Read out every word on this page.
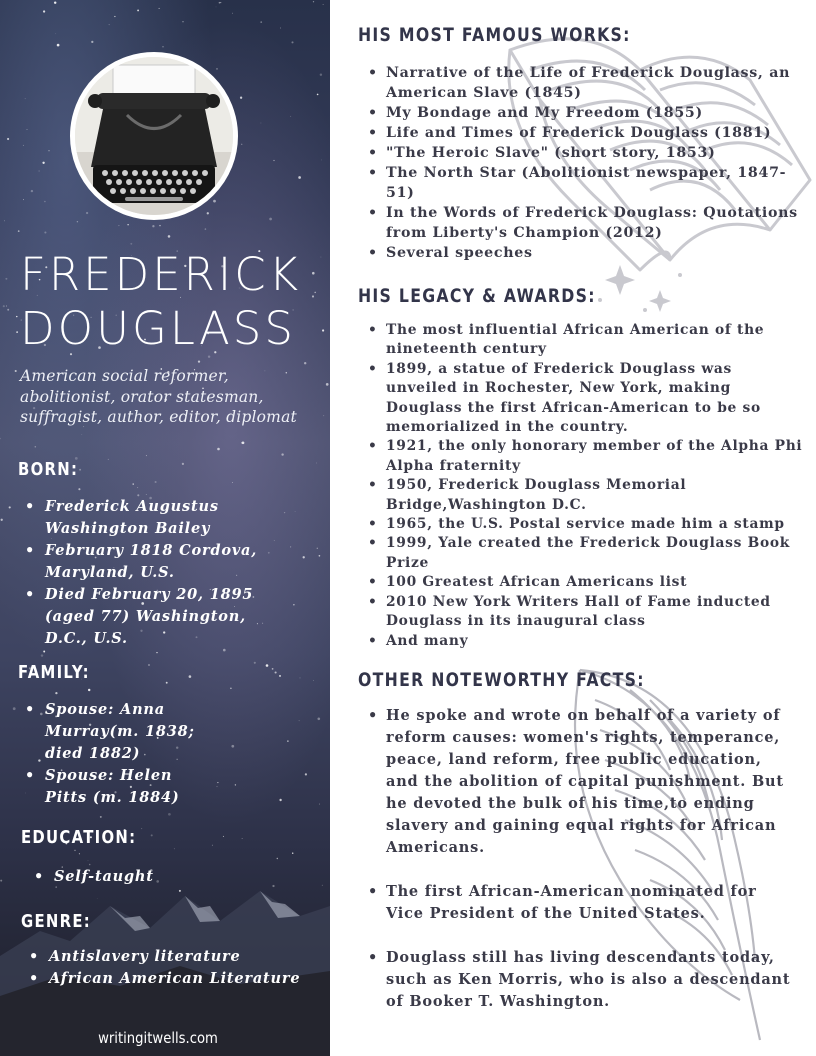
FREDERICK
DOUGLASS
American social reformer, abolitionist, orator statesman, suffragist, author, editor, diplomat
BORN:
• Frederick Augustus Washington Bailey
• February 1818 Cordova, Maryland, U.S.
• Died February 20, 1895 (aged 77) Washington, D.C., U.S.
FAMILY:
• Spouse: Anna Murray(m. 1838; died 1882)
• Spouse: Helen Pitts (m. 1884)
EDUCATION:
• Self-taught
GENRE:
• Antislavery literature
• African American Literature
writingitwells.com
HIS MOST FAMOUS WORKS:
• Narrative of the Life of Frederick Douglass, an American Slave (1845)
• My Bondage and My Freedom (1855)
• Life and Times of Frederick Douglass (1881)
• "The Heroic Slave" (short story, 1853)
• The North Star (Abolitionist newspaper, 1847-51)
• In the Words of Frederick Douglass: Quotations from Liberty's Champion (2012)
• Several speeches
HIS LEGACY & AWARDS:
• The most influential African American of the nineteenth century
• 1899, a statue of Frederick Douglass was unveiled in Rochester, New York, making Douglass the first African-American to be so memorialized in the country.
• 1921, the only honorary member of the Alpha Phi Alpha fraternity
• 1950, Frederick Douglass Memorial Bridge,Washington D.C.
• 1965, the U.S. Postal service made him a stamp
• 1999, Yale created the Frederick Douglass Book Prize
• 100 Greatest African Americans list
• 2010 New York Writers Hall of Fame inducted Douglass in its inaugural class
• And many
OTHER NOTEWORTHY FACTS:
• He spoke and wrote on behalf of a variety of reform causes: women's rights, temperance, peace, land reform, free public education, and the abolition of capital punishment. But he devoted the bulk of his time,to ending slavery and gaining equal rights for African Americans.
• The first African-American nominated for Vice President of the United States.
• Douglass still has living descendants today, such as Ken Morris, who is also a descendant of Booker T. Washington.
